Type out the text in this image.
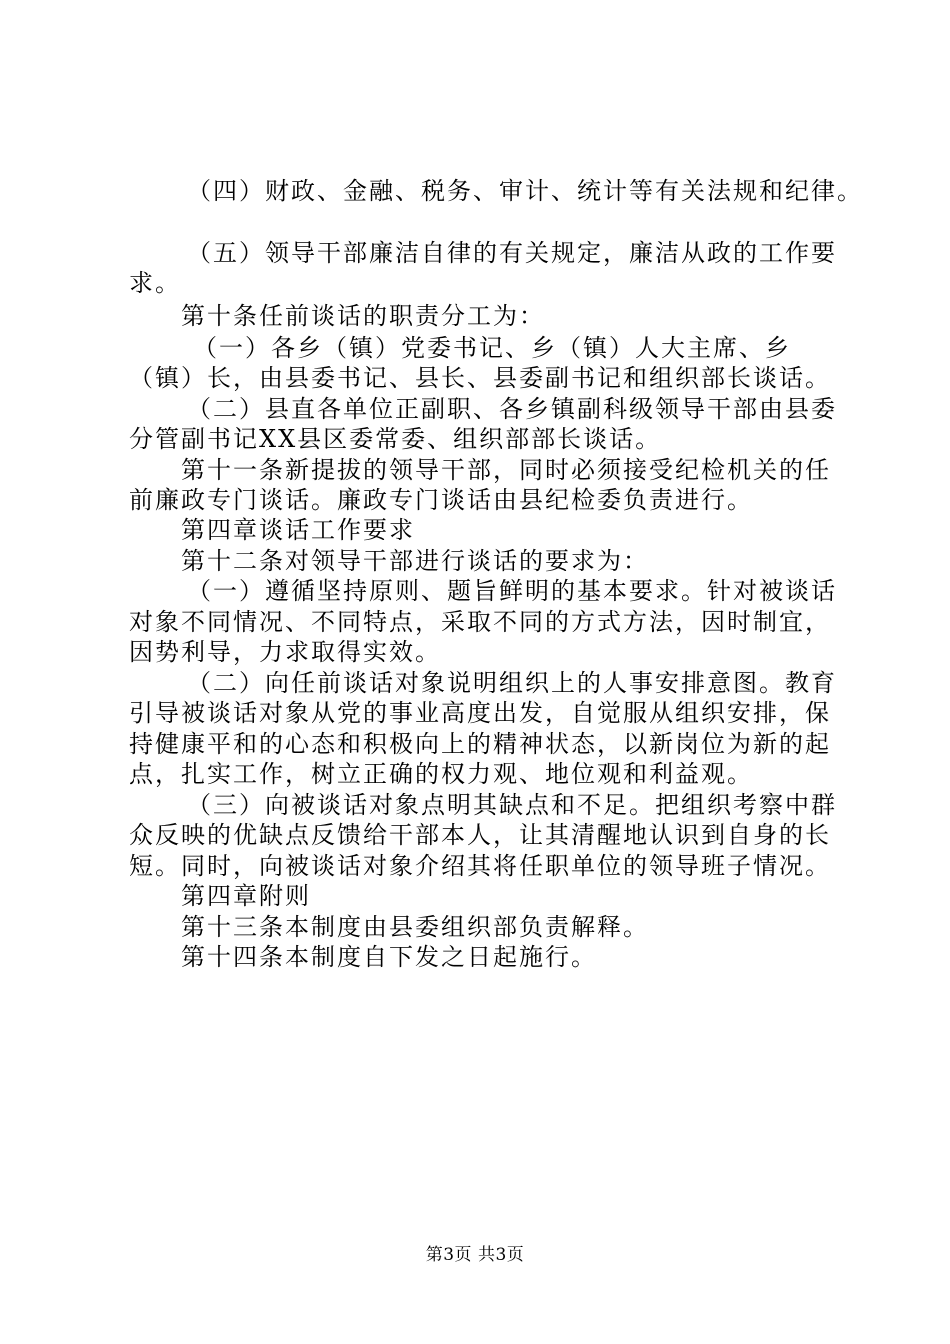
（四）财政、金融、税务、审计、统计等有关法规和纪律。
（五）领导干部廉洁自律的有关规定，廉洁从政的工作要
求。
第十条任前谈话的职责分工为：
（一）各乡（镇）党委书记、乡（镇）人大主席、乡
（镇）长，由县委书记、县长、县委副书记和组织部长谈话。
（二）县直各单位正副职、各乡镇副科级领导干部由县委
分管副书记XX县区委常委、组织部部长谈话。
第十一条新提拔的领导干部，同时必须接受纪检机关的任
前廉政专门谈话。廉政专门谈话由县纪检委负责进行。
第四章谈话工作要求
第十二条对领导干部进行谈话的要求为：
（一）遵循坚持原则、题旨鲜明的基本要求。针对被谈话
对象不同情况、不同特点，采取不同的方式方法，因时制宜，
因势利导，力求取得实效。
（二）向任前谈话对象说明组织上的人事安排意图。教育
引导被谈话对象从党的事业高度出发，自觉服从组织安排，保
持健康平和的心态和积极向上的精神状态，以新岗位为新的起
点，扎实工作，树立正确的权力观、地位观和利益观。
（三）向被谈话对象点明其缺点和不足。把组织考察中群
众反映的优缺点反馈给干部本人，让其清醒地认识到自身的长
短。同时，向被谈话对象介绍其将任职单位的领导班子情况。
第四章附则
第十三条本制度由县委组织部负责解释。
第十四条本制度自下发之日起施行。
第3页 共3页
